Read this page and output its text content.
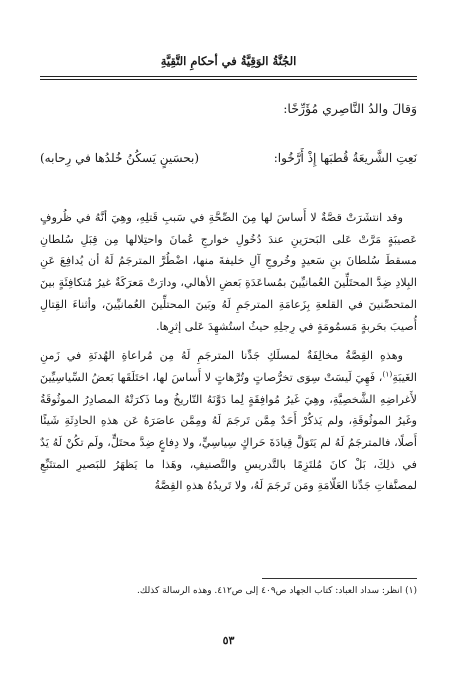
الجُنَّةُ الوَقِيَّةُ في أحكامِ التَّقِيَّةِ
وَقالَ والدُ النَّاصِري مُؤَرِّخًا:
نَعِتِ الشَّريعَةُ قُطبَها إِذْ أَرَّخُوا:
(بحسَينٍ يَسكُنُ خُلدُها في رِحابه)

وقد انتشَرَتْ قصَّةٌ لا أَساسَ لها مِنَ الصِّحَّةِ في سَببِ قَتلِهِ، وهِيَ أنَّهُ في ظُروفٍ عَصيبَةٍ مَرَّتْ عَلى البَحرَينِ عندَ دُخُولِ خوارجِ عُمانَ واحتِلالها مِن قِبَلِ سُلطانِ مسقطَ سُلطانَ بنِ سَعيدٍ وخُروجِ آلِ خليفةَ منها، اضْطُرَّ المترجَمُ لَهُ أن يُدافِعَ عَنِ البِلادِ ضِدَّ المحتَلِّينَ العُمانيِّينَ بمُساعَدَةِ بَعضِ الأهالي، ودارَتْ مَعرَكَةٌ غيرُ مُتكافِئَةٍ بينَ المتحصِّنينَ في القلعةِ بِزَعامَةِ المترجَمِ لَهُ وبَينَ المحتلِّينَ العُمانيِّينَ، وأثناءَ القِتالِ أُصيبَ بحَربةٍ مَسمُومَةٍ في رِجلِهِ حيثُ استُشهِدَ عَلى إثرِها.

وهذهِ القِصَّةُ مخالِفَةٌ لمسلَكِ جَدِّنا المترجَمِ لَهُ مِن مُراعاةِ الهُدنَةِ في زَمنِ الغَيبَةِ$^{(١)}$، فَهِيَ لَيسَتْ سِوَى تخرُّصاتٍ وتُرَّهاتٍ لا أَساسَ لها، اختَلَقَها بَعضُ السِّياسِيِّينَ لأَغراضِهِ الشَّخصِيَّةِ، وهِيَ غَيرُ مُوافِقَةٍ لِما دَوَّنَهُ التّاريخُ وما ذَكرَتْهُ المصادِرُ الموثُوقَةُ وغَيرُ الموثُوقَةِ، ولم يَذكُرْ أَحَدٌ مِمَّن تَرجَمَ لَهُ ومِمَّن عاصَرَهُ عَن هذهِ الحادِثَةِ شَيئًا أَصلًا، فالمترجَمُ لَهُ لم يَتَوَلَّ قِيادَةَ حَراكٍ سِياسِيٍّ، ولا دِفاعٍ ضِدَّ محتَلٍّ، ولَم تكُنْ لَهُ يَدٌ في ذلِكَ، بَلْ كانَ مُلتَزِمًا بالتَّدريسِ والتَّصنيفِ، وهَذا ما يَظهَرُ للبَصيرِ المتتَبِّعِ لمصنَّفاتِ جَدِّنا العَلّامَةِ ومَن تَرجَمَ لَهُ، ولا تَريدُهُ هذهِ القِصَّةُ

(١) انظر: سداد العباد: كتاب الجهاد ص٤٠٩ إلى ص٤١٢. وهذه الرسالة كذلك.
٥٣
